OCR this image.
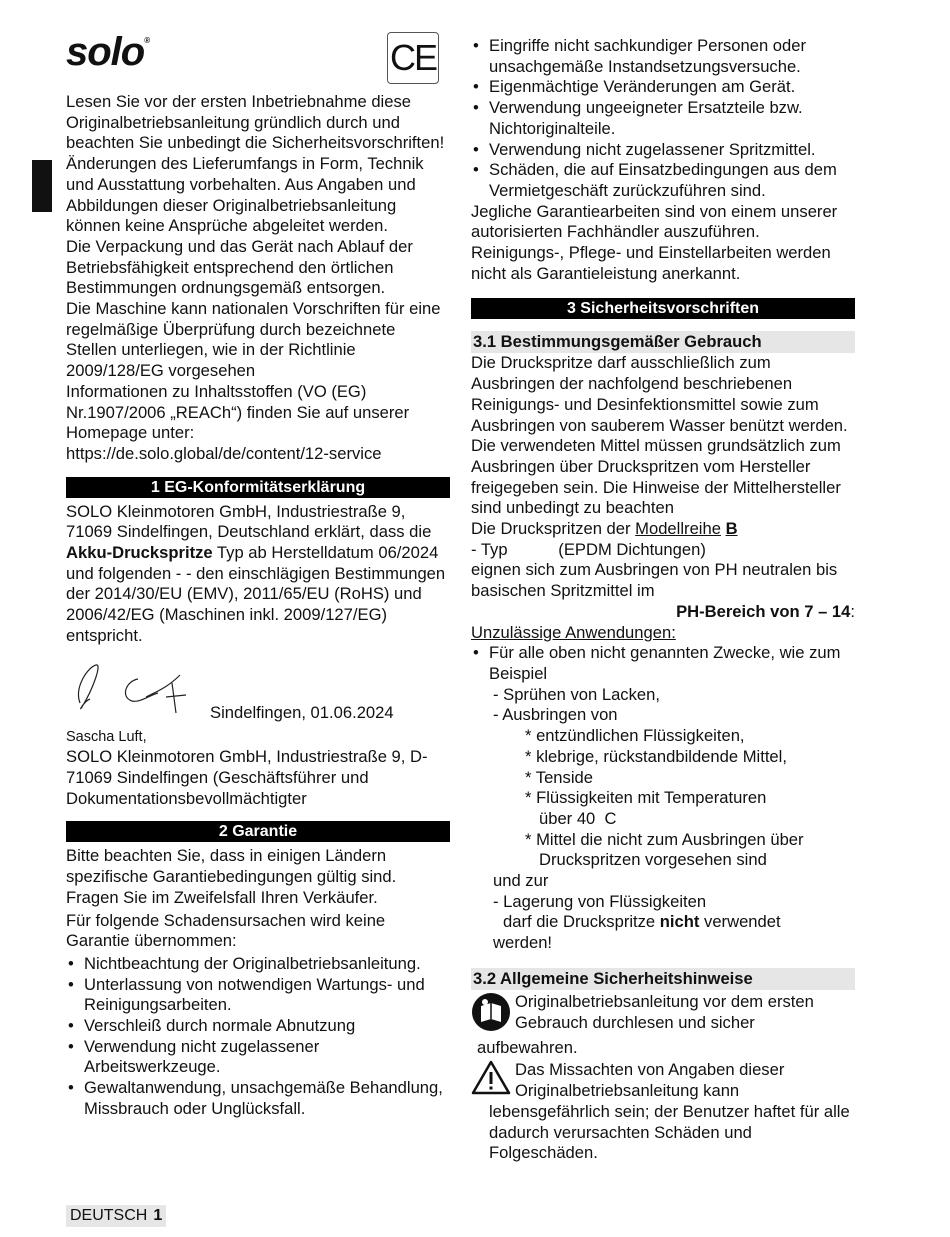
solo®	CE

Lesen Sie vor der ersten Inbetriebnahme diese Originalbetriebsanleitung gründlich durch und beachten Sie unbedingt die Sicherheitsvorschriften!

Änderungen des Lieferumfangs in Form, Technik und Ausstattung vorbehalten. Aus Angaben und Abbildungen dieser Originalbetriebsanleitung können keine Ansprüche abgeleitet werden.

Die Verpackung und das Gerät nach Ablauf der Betriebsfähigkeit entsprechend den örtlichen Bestimmungen ordnungsgemäß entsorgen.

Die Maschine kann nationalen Vorschriften für eine regelmäßige Überprüfung durch bezeichnete Stellen unterliegen, wie in der Richtlinie 2009/128/EG vorgesehen

Informationen zu Inhaltsstoffen (VO (EG) Nr.1907/2006 „REACh“) finden Sie auf unserer Homepage unter:

https://de.solo.global/de/content/12-service

1 EG-Konformitätserklärung

SOLO Kleinmotoren GmbH, Industriestraße 9, 71069 Sindelfingen, Deutschland erklärt, dass die Akku-Druckspritze Typ ab Herstelldatum 06/2024 und folgenden - - den einschlägigen Bestimmungen der 2014/30/EU (EMV), 2011/65/EU (RoHS) und 2006/42/EG (Maschinen inkl. 2009/127/EG) entspricht.

Sindelfingen, 01.06.2024

Sascha Luft,

SOLO Kleinmotoren GmbH, Industriestraße 9, D-71069 Sindelfingen (Geschäftsführer und Dokumentationsbevollmächtigter

2 Garantie

Bitte beachten Sie, dass in einigen Ländern spezifische Garantiebedingungen gültig sind. Fragen Sie im Zweifelsfall Ihren Verkäufer.

Für folgende Schadensursachen wird keine Garantie übernommen:

• Nichtbeachtung der Originalbetriebsanleitung.
• Unterlassung von notwendigen Wartungs- und Reinigungsarbeiten.
• Verschleiß durch normale Abnutzung
• Verwendung nicht zugelassener Arbeitswerkzeuge.
• Gewaltanwendung, unsachgemäße Behandlung, Missbrauch oder Unglücksfall.
• Eingriffe nicht sachkundiger Personen oder unsachgemäße Instandsetzungsversuche.
• Eigenmächtige Veränderungen am Gerät.
• Verwendung ungeeigneter Ersatzteile bzw. Nichtoriginalteile.
• Verwendung nicht zugelassener Spritzmittel.
• Schäden, die auf Einsatzbedingungen aus dem Vermietgeschäft zurückzuführen sind.

Jegliche Garantiearbeiten sind von einem unserer autorisierten Fachhändler auszuführen. Reinigungs-, Pflege- und Einstellarbeiten werden nicht als Garantieleistung anerkannt.

3 Sicherheitsvorschriften
3.1 Bestimmungsgemäßer Gebrauch

Die Druckspritze darf ausschließlich zum Ausbringen der nachfolgend beschriebenen Reinigungs- und Desinfektionsmittel sowie zum Ausbringen von sauberem Wasser benützt werden. Die verwendeten Mittel müssen grundsätzlich zum Ausbringen über Druckspritzen vom Hersteller freigegeben sein. Die Hinweise der Mittelhersteller sind unbedingt zu beachten

Die Druckspritzen der Modellreihe B

- Typ           (EPDM Dichtungen)

eignen sich zum Ausbringen von PH neutralen bis basischen Spritzmittel im

PH-Bereich von 7 – 14:

Unzulässige Anwendungen:

• Für alle oben nicht genannten Zwecke, wie zum Beispiel

- Sprühen von Lacken,

- Ausbringen von

* entzündlichen Flüssigkeiten,

* klebrige, rückstandbildende Mittel,

* Tenside

* Flüssigkeiten mit Temperaturen

über 40  C

* Mittel die nicht zum Ausbringen über

Druckspritzen vorgesehen sind

und zur

- Lagerung von Flüssigkeiten

darf die Druckspritze nicht verwendet

werden!

3.2 Allgemeine Sicherheitshinweise

Originalbetriebsanleitung vor dem ersten Gebrauch durchlesen und sicher

aufbewahren.

Das Missachten von Angaben dieser Originalbetriebsanleitung kann

lebensgefährlich sein; der Benutzer haftet für alle dadurch verursachten Schäden und Folgeschäden.

DEUTSCH 1
